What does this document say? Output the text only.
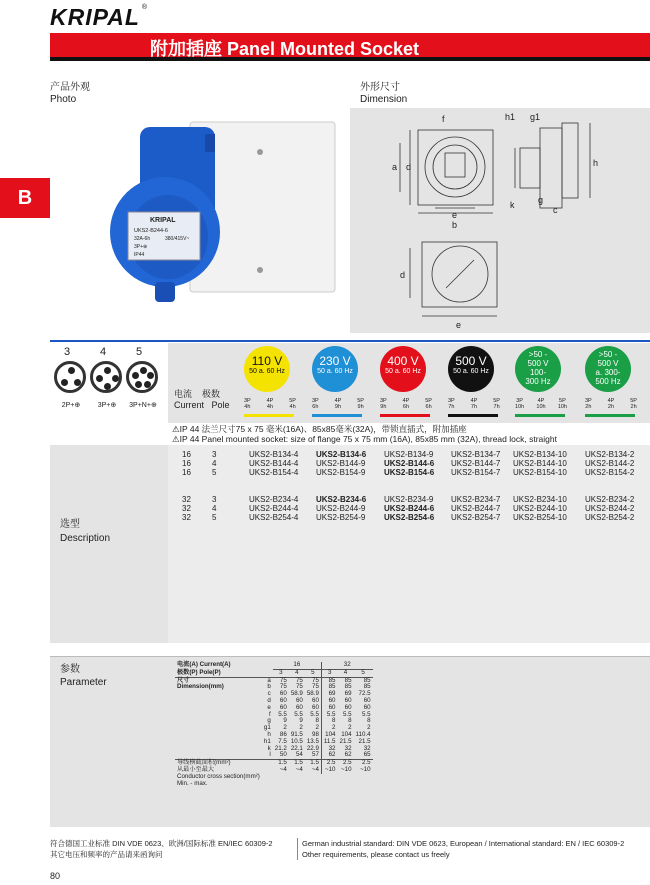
KRIPAL ®
附加插座 Panel Mounted Socket
B
产品外观
Photo
KRIPAL
UKS2-B244-6
32A-6h	380/415V~
3P+⊕
IP44
外形尺寸
Dimension
a d
e
b
f
k	g
c
h1 g1
h
d
e
3
2P+⊕
4
3P+⊕
5
3P+N+⊕
电流 极数
Current Pole
110 V
50 a. 60 Hz
3P
4h
4P
4h
5P
4h
230 V
50 a. 60 Hz
3P
6h
4P
9h
5P
9h
400 V
50 a. 60 Hz
3P
9h
4P
6h
5P
6h
500 V
50 a. 60 Hz
3P
7h
4P
7h
5P
7h
>50 -
500 V
100-
300 Hz
3P
10h
4P
10h
5P
10h
>50 -
500 V
a. 300-
500 Hz
3P
2h
4P
2h
5P
2h
⚠IP 44 法兰尺寸75 x 75 毫米(16A)、85x85毫米(32A)，带锁直插式，附加插座
⚠IP 44 Panel mounted socket: size of flange 75 x 75 mm (16A), 85x85 mm (32A), thread lock, straight
选型
Description
16	3	UKS2-B134-4 UKS2-B134-6 UKS2-B134-9 UKS2-B134-7 UKS2-B134-10 UKS2-B134-2
16	4	UKS2-B144-4 UKS2-B144-9 UKS2-B144-6 UKS2-B144-7 UKS2-B144-10 UKS2-B144-2
16	5	UKS2-B154-4 UKS2-B154-9 UKS2-B154-6 UKS2-B154-7 UKS2-B154-10 UKS2-B154-2
32	3	UKS2-B234-4 UKS2-B234-6 UKS2-B234-9 UKS2-B234-7 UKS2-B234-10 UKS2-B234-2
32	4	UKS2-B244-4 UKS2-B244-9 UKS2-B244-6 UKS2-B244-7 UKS2-B244-10 UKS2-B244-2
32	5	UKS2-B254-4 UKS2-B254-9 UKS2-B254-6 UKS2-B254-7 UKS2-B254-10 UKS2-B254-2
参数
Parameter
电流(A) Current(A)		16			32		
极数(P) Pole(P)		3	4	5	3	4	5
尺寸	a	75	75	75	85	85	85
Dimension(mm)	b	75	75	75	85	85	85
	c	60	58.9	58.9	69	69	72.5
	d	60	60	60	60	60	60
	e	60	60	60	60	60	60
	f	5.5	5.5	5.5	5.5	5.5	5.5
	g	9	9	8	8	8	8
	g1	2	2	2	2	2	2
	h	86	91.5	98	104	104	110.4
	h1	7.5	10.5	13.5	11.5	21.5	21.5
	k	21.2	22.1	22.9	32	32	32
	l	50	54	57	62	62	65
导线横截面积(mm²)		1.5	1.5	1.5	2.5	2.5	2.5
从最小至最大		~4	~4	~4	~10	~10	~10
Conductor cross section(mm²)							
Min. - max.							
符合德国工业标准 DIN VDE 0623、欧洲/国际标准 EN/IEC 60309-2
其它电压和频率的产品请来函询问
German industrial standard: DIN VDE 0623, European / International standard: EN / IEC 60309-2
Other requirements, please contact us freely
80
